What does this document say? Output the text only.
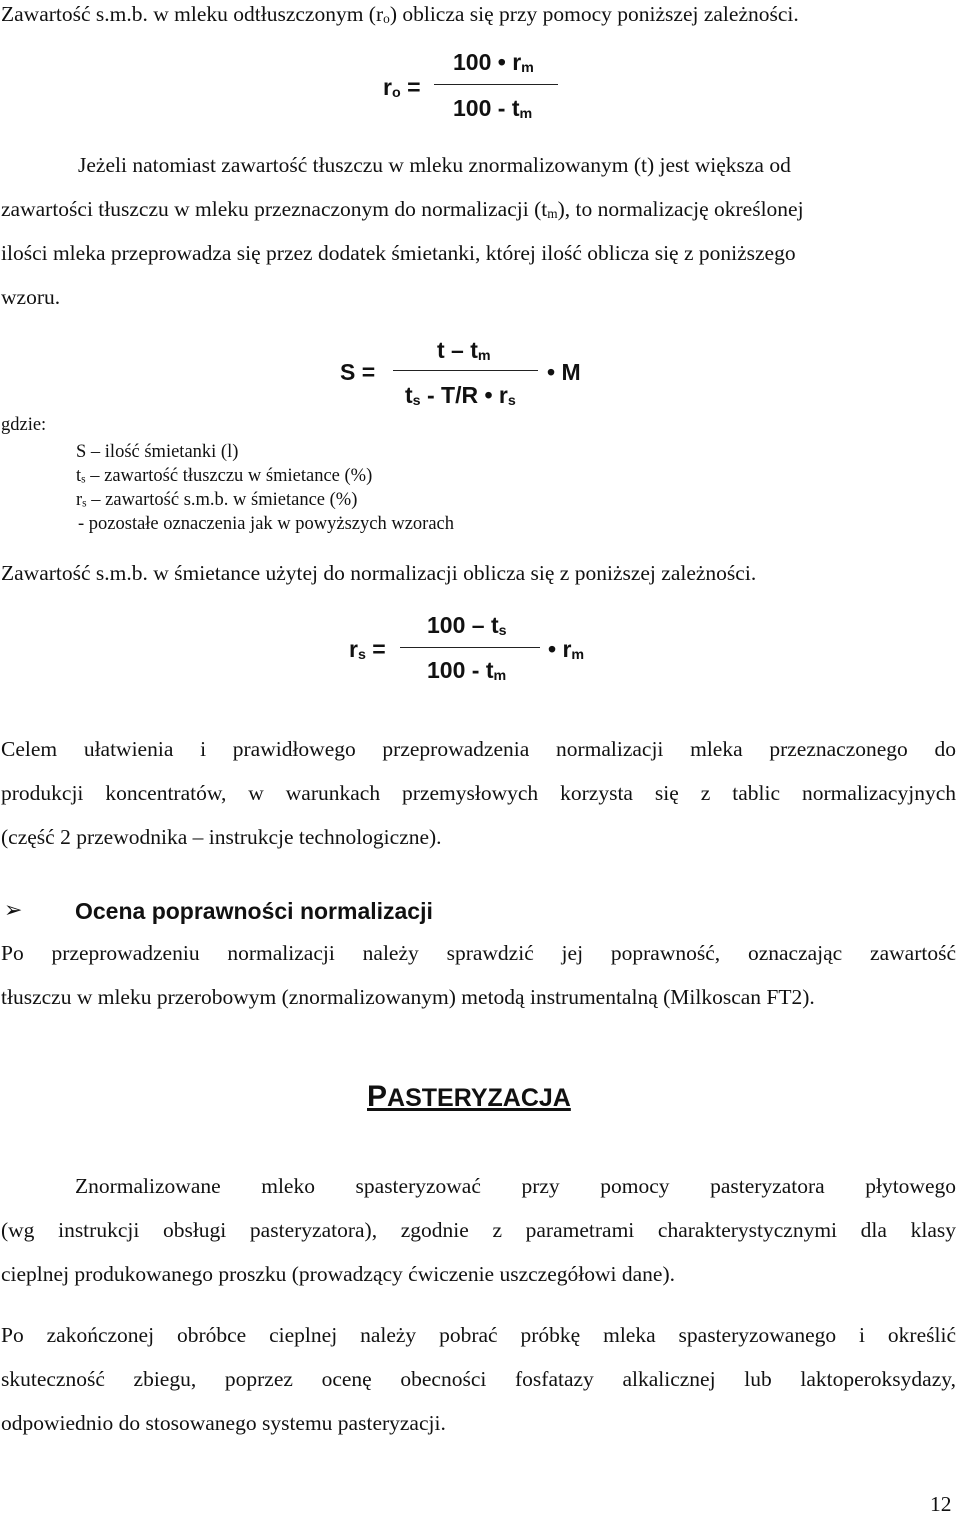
Zawartość s.m.b. w mleku odtłuszczonym $(r_o)$ oblicza się przy pomocy poniższej zależności.
$r_o$ =
100 • $r_m$
$100 - t_m$
Jeżeli natomiast zawartość tłuszczu w mleku znormalizowanym (t) jest większa od
zawartości tłuszczu w mleku przeznaczonym do normalizacji $(t_m)$, to normalizację określonej
ilości mleka przeprowadza się przez dodatek śmietanki, której ilość oblicza się z poniższego
wzoru.
S =
t – $t_m$
$t_s - T/R$ • $r_s$
• M
gdzie:
S – ilość śmietanki (l)
$t_s$ – zawartość tłuszczu w śmietance (%)
$r_s$ – zawartość s.m.b. w śmietance (%)
- pozostałe oznaczenia jak w powyższych wzorach
Zawartość s.m.b. w śmietance użytej do normalizacji oblicza się z poniższej zależności.
$r_s$ =
$100 - t_s$
$100 - t_m$
• $r_m$
Celem ułatwienia i prawidłowego przeprowadzenia normalizacji mleka przeznaczonego do
produkcji koncentratów, w warunkach przemysłowych korzysta się z tablic normalizacyjnych
(część 2 przewodnika – instrukcje technologiczne).
➢ Ocena poprawności normalizacji
Po przeprowadzeniu normalizacji należy sprawdzić jej poprawność, oznaczając zawartość
tłuszczu w mleku przerobowym (znormalizowanym) metodą instrumentalną (Milkoscan FT2).
PASTERYZACJA
Znormalizowane mleko spasteryzować przy pomocy pasteryzatora płytowego
(wg instrukcji obsługi pasteryzatora), zgodnie z parametrami charakterystycznymi dla klasy
cieplnej produkowanego proszku (prowadzący ćwiczenie uszczegółowi dane).
Po zakończonej obróbce cieplnej należy pobrać próbkę mleka spasteryzowanego i określić
skuteczność zbiegu, poprzez ocenę obecności fosfatazy alkalicznej lub laktoperoksydazy,
odpowiednio do stosowanego systemu pasteryzacji.
12
